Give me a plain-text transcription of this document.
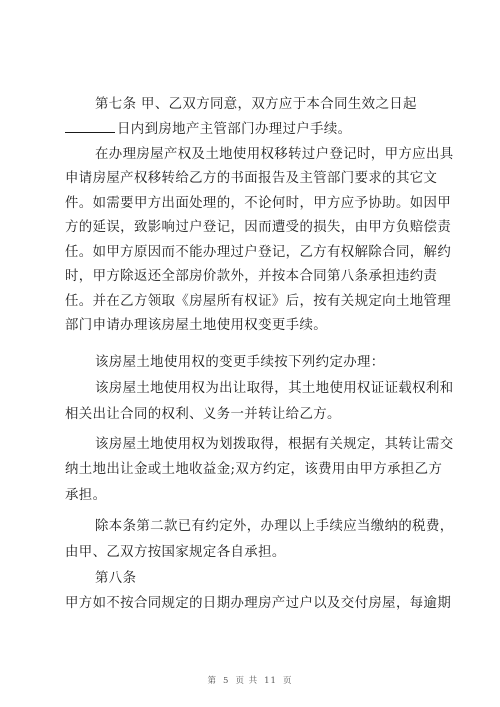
第七条 甲、乙双方同意，双方应于本合同生效之日起
日内到房地产主管部门办理过户手续。
在办理房屋产权及土地使用权移转过户登记时，甲方应出具
申请房屋产权移转给乙方的书面报告及主管部门要求的其它文
件。如需要甲方出面处理的，不论何时，甲方应予协助。如因甲
方的延误，致影响过户登记，因而遭受的损失，由甲方负赔偿责
任。如甲方原因而不能办理过户登记，乙方有权解除合同，解约
时，甲方除返还全部房价款外，并按本合同第八条承担违约责
任。并在乙方领取《房屋所有权证》后，按有关规定向土地管理
部门申请办理该房屋土地使用权变更手续。
该房屋土地使用权的变更手续按下列约定办理：
该房屋土地使用权为出让取得，其土地使用权证证载权利和
相关出让合同的权利、义务一并转让给乙方。
该房屋土地使用权为划拨取得，根据有关规定，其转让需交
纳土地出让金或土地收益金;双方约定，该费用由甲方承担乙方
承担。
除本条第二款已有约定外，办理以上手续应当缴纳的税费，
由甲、乙双方按国家规定各自承担。
第八条
甲方如不按合同规定的日期办理房产过户以及交付房屋，每逾期
第 5 页 共 11 页
